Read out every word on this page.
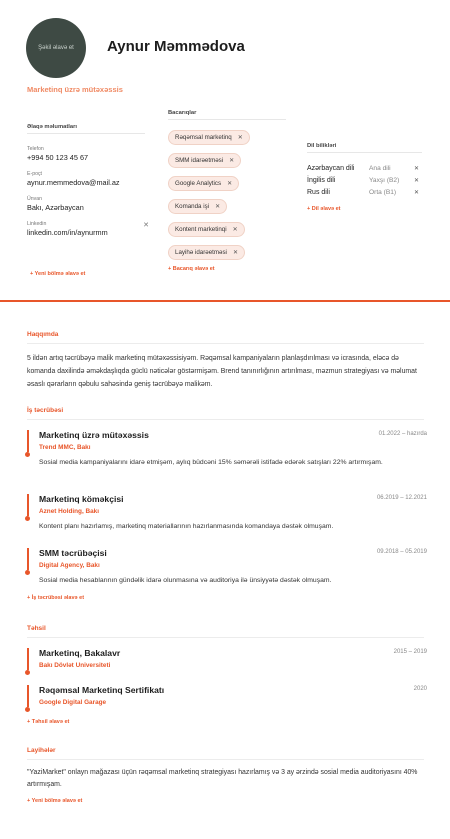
Şəkil əlavə et	Aynur Məmmədova
Marketinq üzrə mütəxəssis
Əlaqə məlumatları
Telefon
+994 50 123 45 67
E-poçt
aynur.memmedova@mail.az
Ünvan
Bakı, Azərbaycan
Linkedin
linkedin.com/in/aynurmm
✕
+ Yeni bölmə əlavə et
Bacarıqlar
Rəqəmsal marketinq ✕
SMM idarəetməsi ✕
Google Analytics ✕
Komanda işi ✕
Kontent marketinqi ✕
Layihə idarəetməsi ✕
+ Bacarıq əlavə et
Dil bilikləri
Azərbaycan dili	Ana dili	✕
İngilis dili	Yaxşı (B2)	✕
Rus dili	Orta (B1)	✕
+ Dil əlavə et
Haqqımda
5 ildən artıq təcrübəyə malik marketinq mütəxəssisiyəm. Rəqəmsal kampaniyaların planlaşdırılması və icrasında, eləcə də komanda daxilində əməkdaşlıqda güclü nəticələr göstərmişəm. Brend tanınırlığının artırılması, məzmun strategiyası və məlumat əsaslı qərarların qəbulu sahəsində geniş təcrübəyə malikəm.
İş təcrübəsi
Marketinq üzrə mütəxəssis	01.2022 – hazırda
Trend MMC, Bakı
Sosial media kampaniyalarını idarə etmişəm, aylıq büdcəni 15% səmərəli istifadə edərək satışları 22% artırmışam.
Marketinq köməkçisi	06.2019 – 12.2021
Aznet Holding, Bakı
Kontent planı hazırlamış, marketinq materiallarının hazırlanmasında komandaya dəstək olmuşam.
SMM təcrübəçisi	09.2018 – 05.2019
Digital Agency, Bakı
Sosial media hesablarının gündəlik idarə olunmasına və auditoriya ilə ünsiyyətə dəstək olmuşam.
+ İş təcrübəsi əlavə et
Təhsil
Marketinq, Bakalavr	2015 – 2019
Bakı Dövlət Universiteti
Rəqəmsal Marketinq Sertifikatı	2020
Google Digital Garage
+ Təhsil əlavə et
Layihələr
"YaziMarket" onlayn mağazası üçün rəqəmsal marketinq strategiyası hazırlamış və 3 ay ərzində sosial media auditoriyasını 40% artırmışam.
+ Yeni bölmə əlavə et
